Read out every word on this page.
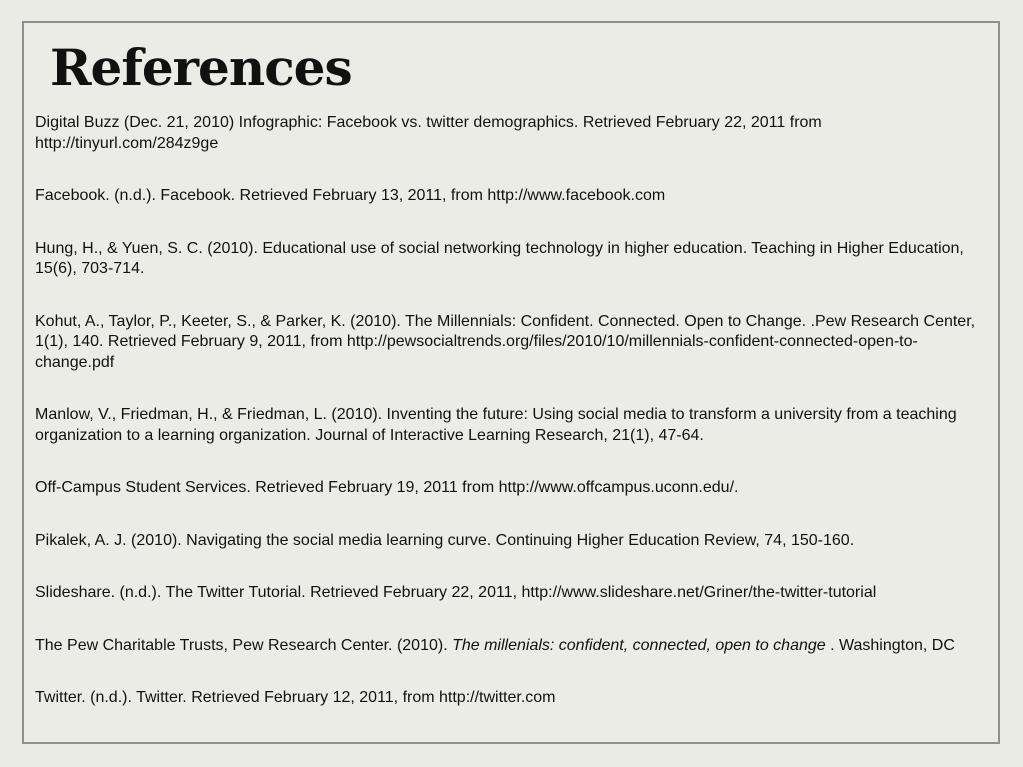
References
Digital Buzz (Dec. 21, 2010) Infographic: Facebook vs. twitter demographics. Retrieved February 22, 2011 from http://tinyurl.com/284z9ge
Facebook. (n.d.). Facebook. Retrieved February 13, 2011, from http://www.facebook.com
Hung, H., & Yuen, S. C. (2010). Educational use of social networking technology in higher education. Teaching in Higher Education, 15(6), 703-714.
Kohut, A., Taylor, P., Keeter, S., & Parker, K. (2010). The Millennials: Confident. Connected. Open to Change. .Pew Research Center, 1(1), 140. Retrieved February 9, 2011, from http://pewsocialtrends.org/files/2010/10/millennials-confident-connected-open-to-change.pdf
Manlow, V., Friedman, H., & Friedman, L. (2010). Inventing the future: Using social media to transform a university from a teaching organization to a learning organization. Journal of Interactive Learning Research, 21(1), 47-64.
Off-Campus Student Services. Retrieved February 19, 2011 from http://www.offcampus.uconn.edu/.
Pikalek, A. J. (2010). Navigating the social media learning curve. Continuing Higher Education Review, 74, 150-160.
Slideshare. (n.d.). The Twitter Tutorial. Retrieved February 22, 2011, http://www.slideshare.net/Griner/the-twitter-tutorial
The Pew Charitable Trusts, Pew Research Center. (2010). The millenials: confident, connected, open to change . Washington, DC
Twitter. (n.d.). Twitter. Retrieved February 12, 2011, from http://twitter.com
